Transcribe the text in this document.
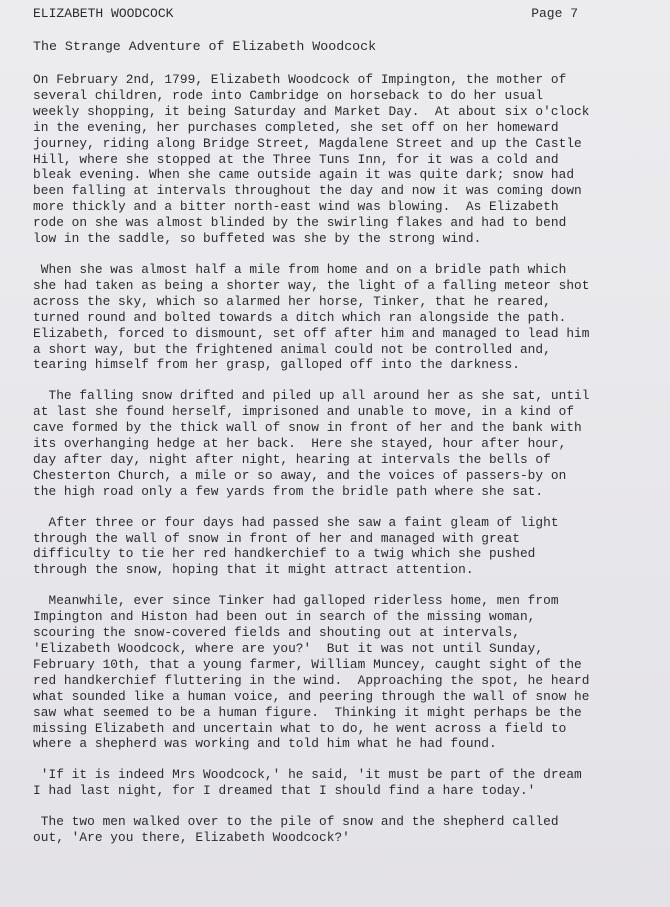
ELIZABETH WOODCOCK	Page 7
The Strange Adventure of Elizabeth Woodcock

On February 2nd, 1799, Elizabeth Woodcock of Impington, the mother of
several children, rode into Cambridge on horseback to do her usual
weekly shopping, it being Saturday and Market Day.  At about six o'clock
in the evening, her purchases completed, she set off on her homeward
journey, riding along Bridge Street, Magdalene Street and up the Castle
Hill, where she stopped at the Three Tuns Inn, for it was a cold and
bleak evening. When she came outside again it was quite dark; snow had
been falling at intervals throughout the day and now it was coming down
more thickly and a bitter north-east wind was blowing.  As Elizabeth
rode on she was almost blinded by the swirling flakes and had to bend
low in the saddle, so buffeted was she by the strong wind.

When she was almost half a mile from home and on a bridle path which
she had taken as being a shorter way, the light of a falling meteor shot
across the sky, which so alarmed her horse, Tinker, that he reared,
turned round and bolted towards a ditch which ran alongside the path.
Elizabeth, forced to dismount, set off after him and managed to lead him
a short way, but the frightened animal could not be controlled and,
tearing himself from her grasp, galloped off into the darkness.

The falling snow drifted and piled up all around her as she sat, until
at last she found herself, imprisoned and unable to move, in a kind of
cave formed by the thick wall of snow in front of her and the bank with
its overhanging hedge at her back.  Here she stayed, hour after hour,
day after day, night after night, hearing at intervals the bells of
Chesterton Church, a mile or so away, and the voices of passers-by on
the high road only a few yards from the bridle path where she sat.

After three or four days had passed she saw a faint gleam of light
through the wall of snow in front of her and managed with great
difficulty to tie her red handkerchief to a twig which she pushed
through the snow, hoping that it might attract attention.

Meanwhile, ever since Tinker had galloped riderless home, men from
Impington and Histon had been out in search of the missing woman,
scouring the snow-covered fields and shouting out at intervals,
'Elizabeth Woodcock, where are you?'  But it was not until Sunday,
February 10th, that a young farmer, William Muncey, caught sight of the
red handkerchief fluttering in the wind.  Approaching the spot, he heard
what sounded like a human voice, and peering through the wall of snow he
saw what seemed to be a human figure.  Thinking it might perhaps be the
missing Elizabeth and uncertain what to do, he went across a field to
where a shepherd was working and told him what he had found.

'If it is indeed Mrs Woodcock,' he said, 'it must be part of the dream
I had last night, for I dreamed that I should find a hare today.'

The two men walked over to the pile of snow and the shepherd called
out, 'Are you there, Elizabeth Woodcock?'
